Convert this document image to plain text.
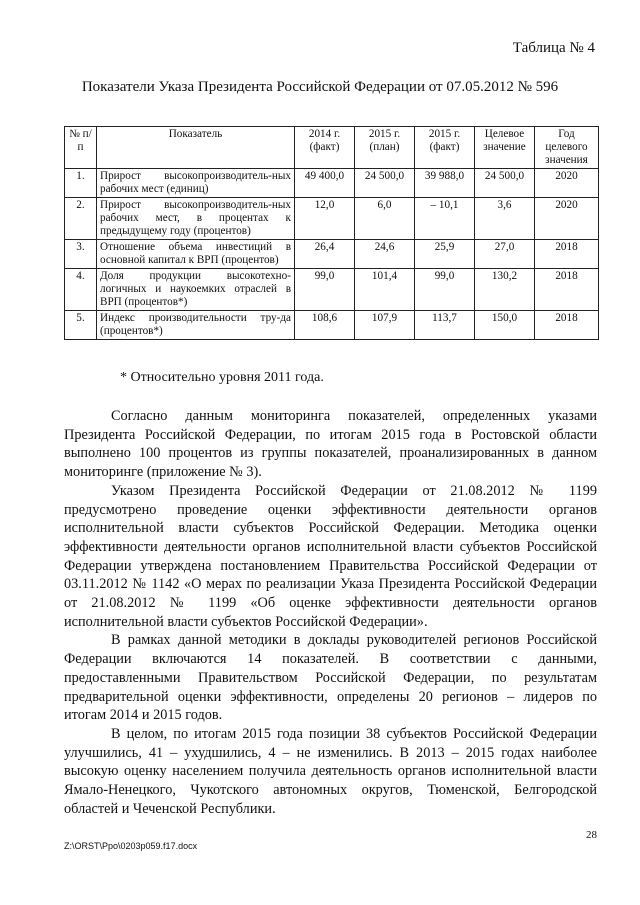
Таблица № 4
Показатели Указа Президента Российской Федерации от 07.05.2012 № 596
№ п/п	Показатель	2014 г. (факт)	2015 г. (план)	2015 г. (факт)	Целевое значение	Год целевого значения
1.	Прирост высокопроизводитель-ных рабочих мест (единиц)	49 400,0	24 500,0	39 988,0	24 500,0	2020
2.	Прирост высокопроизводитель-ных рабочих мест, в процентах к предыдущему году (процентов)	12,0	6,0	– 10,1	3,6	2020
3.	Отношение объема инвестиций в основной капитал к ВРП (процентов)	26,4	24,6	25,9	27,0	2018
4.	Доля продукции высокотехно-логичных и наукоемких отраслей в ВРП (процентов*)	99,0	101,4	99,0	130,2	2018
5.	Индекс производительности тру-да (процентов*)	108,6	107,9	113,7	150,0	2018
* Относительно уровня 2011 года.

Согласно данным мониторинга показателей, определенных указами Президента Российской Федерации, по итогам 2015 года в Ростовской области выполнено 100 процентов из группы показателей, проанализированных в данном мониторинге (приложение № 3).

Указом Президента Российской Федерации от 21.08.2012 № 1199 предусмотрено проведение оценки эффективности деятельности органов исполнительной власти субъектов Российской Федерации. Методика оценки эффективности деятельности органов исполнительной власти субъектов Российской Федерации утверждена постановлением Правительства Российской Федерации от 03.11.2012 № 1142 «О мерах по реализации Указа Президента Российской Федерации от 21.08.2012 № 1199 «Об оценке эффективности деятельности органов исполнительной власти субъектов Российской Федерации».

В рамках данной методики в доклады руководителей регионов Российской Федерации включаются 14 показателей. В соответствии с данными, предоставленными Правительством Российской Федерации, по результатам предварительной оценки эффективности, определены 20 регионов – лидеров по итогам 2014 и 2015 годов.

В целом, по итогам 2015 года позиции 38 субъектов Российской Федерации улучшились, 41 – ухудшились, 4 – не изменились. В 2013 – 2015 годах наиболее высокую оценку населением получила деятельность органов исполнительной власти Ямало-Ненецкого, Чукотского автономных округов, Тюменской, Белгородской областей и Чеченской Республики.

28
Z:\ORST\Ppo\0203p059.f17.docx
